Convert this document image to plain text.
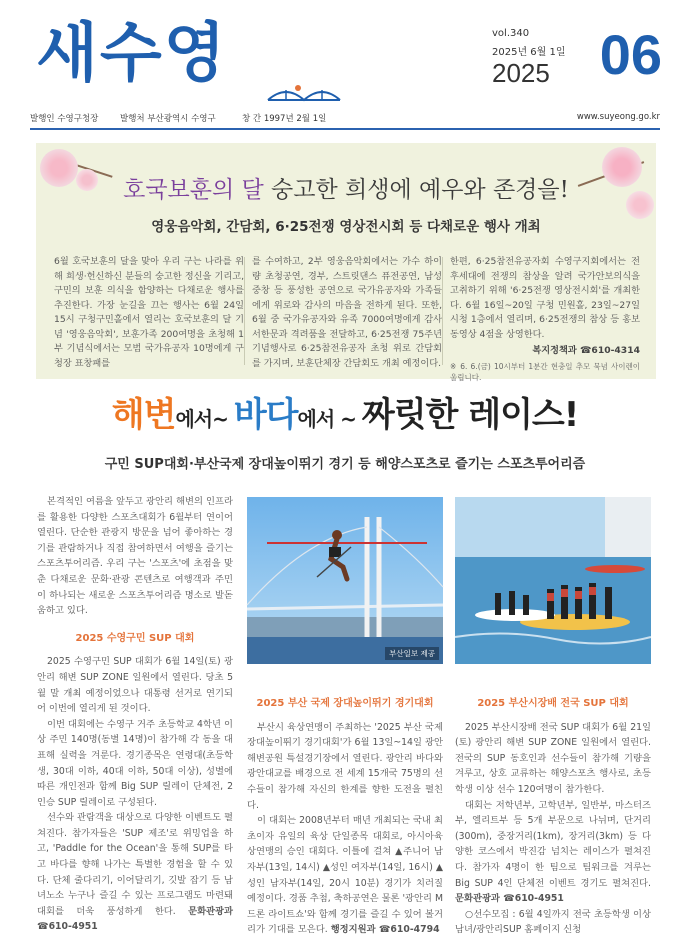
새수영	vol.340
2025년 6월 1일
2025 06
발행인 수영구청장	발행처 부산광역시 수영구	창 간 1997년 2월 1일	www.suyeong.go.kr
호국보훈의 달 숭고한 희생에 예우와 존경을!
영웅음악회, 간담회, 6·25전쟁 영상전시회 등 다채로운 행사 개최
6월 호국보훈의 달을 맞아 우리 구는 나라를 위해 희생·헌신하신 분들의 숭고한 정신을 기리고, 구민의 보훈 의식을 함양하는 다채로운 행사를 추진한다. 가장 눈길을 끄는 행사는 6월 24일 15시 구청구민홀에서 열리는 호국보훈의 달 기념 '영웅음악회', 보훈가족 200여명을 초청해 1부 기념식에서는 모범 국가유공자 10명에게 구청장 표창패를
를 수여하고, 2부 영웅음악회에서는 가수 하이량 초청공연, 경부, 스트릿댄스 퓨전공연, 남성중창 등 풍성한 공연으로 국가유공자와 가족들에게 위로와 감사의 마음을 전하게 된다. 또한, 6월 중 국가유공자와 유족 7000여명에게 감사 서한문과 격려품을 전달하고, 6·25전쟁 75주년 기념행사로 6·25참전유공자 초청 위로 간담회를 가지며, 보훈단체장 간담회도 개최 예정이다.
한편, 6·25참전유공자회 수영구지회에서는 전후세대에 전쟁의 참상을 알려 국가안보의식을 고취하기 위해 '6·25전쟁 영상전시회'를 개최한다. 6월 16일~20일 구청 민원홀, 23일~27일 시청 1층에서 열리며, 6·25전쟁의 참상 등 홍보 동영상 4점을 상영한다.
복지정책과 ☎610-4314
※ 6. 6.(금) 10시부터 1분간 현충일 추모 묵념 사이렌이 울립니다.
해변에서~ 바다에서 ~ 짜릿한 레이스!
구민 SUP대회·부산국제 장대높이뛰기 경기 등 해양스포츠로 즐기는 스포츠투어리즘

본격적인 여름을 앞두고 광안리 해변의 인프라를 활용한 다양한 스포츠대회가 6월부터 연이어 열린다. 단순한 관광지 방문을 넘어 좋아하는 경기를 관람하거나 직접 참여하면서 여행을 즐기는 스포츠투어리즘. 우리 구는 '스포츠'에 초점을 맞춘 다채로운 문화·관광 콘텐츠로 여행객과 주민이 하나되는 새로운 스포츠투어리즘 명소로 발돋움하고 있다.

2025 수영구민 SUP 대회

2025 수영구민 SUP 대회가 6월 14일(토) 광안리 해변 SUP ZONE 일원에서 열린다. 당초 5월 말 개최 예정이었으나 대통령 선거로 연기되어 이번에 열리게 된 것이다.

이번 대회에는 수영구 거주 초등학교 4학년 이상 주민 140명(동별 14명)이 참가해 각 동을 대표해 실력을 겨룬다. 경기종목은 연령대(초등학생, 30대 이하, 40대 이하, 50대 이상), 성별에 따른 개인전과 함께 Big SUP 릴레이 단체전, 2인승 SUP 릴레이로 구성된다.

선수와 관람객을 대상으로 다양한 이벤트도 펼쳐진다. 참가자들은 'SUP 제조'로 위밍업을 하고, 'Paddle for the Ocean'을 통해 SUP를 타고 바다를 향해 나가는 특별한 경험을 할 수 있다. 단체 줄다리기, 이어달리기, 깃발 잡기 등 남녀노소 누구나 즐길 수 있는 프로그램도 마련돼 대회를 더욱 풍성하게 한다. 문화관광과 ☎610-4951

부산일보 제공
2025 부산 국제 장대높이뛰기 경기대회

부산시 육상연맹이 주최하는 '2025 부산 국제장대높이뛰기 경기대회'가 6월 13일~14일 광안해변공원 특설경기장에서 열린다. 광안리 바다와 광안대교를 배경으로 전 세계 15개국 75명의 선수들이 참가해 자신의 한계를 향한 도전을 펼친다.

이 대회는 2008년부터 매년 개최되는 국내 최초이자 유일의 육상 단일종목 대회로, 아시아육상연맹의 승인 대회다. 이틀에 걸쳐 ▲주니어 남자부(13일, 14시) ▲성인 여자부(14일, 16시) ▲성인 남자부(14일, 20시 10분) 경기가 치러질 예정이다. 경품 추첨, 축하공연은 물론 '광안리 M 드론 라이트쇼'와 함께 경기를 즐길 수 있어 볼거리가 기대를 모은다. 행정지원과 ☎610-4794

2025 부산시장배 전국 SUP 대회

2025 부산시장배 전국 SUP 대회가 6월 21일(토) 광안리 해변 SUP ZONE 일원에서 열린다. 전국의 SUP 동호인과 선수들이 참가해 기량을 겨루고, 상호 교류하는 해양스포츠 행사로, 초등학생 이상 선수 120여명이 참가한다.

대회는 저학년부, 고학년부, 일반부, 마스터즈부, 엘리트부 등 5개 부문으로 나뉘며, 단거리(300m), 중장거리(1km), 장거리(3km) 등 다양한 코스에서 박진감 넘치는 레이스가 펼쳐진다. 참가자 4명이 한 팀으로 팀워크를 겨루는 Big SUP 4인 단체전 이벤트 경기도 펼쳐진다. 문화관광과 ☎610-4951

○선수모집 : 6월 4일까지 전국 초등학생 이상 남녀/광안리SUP 홈페이지 신청
